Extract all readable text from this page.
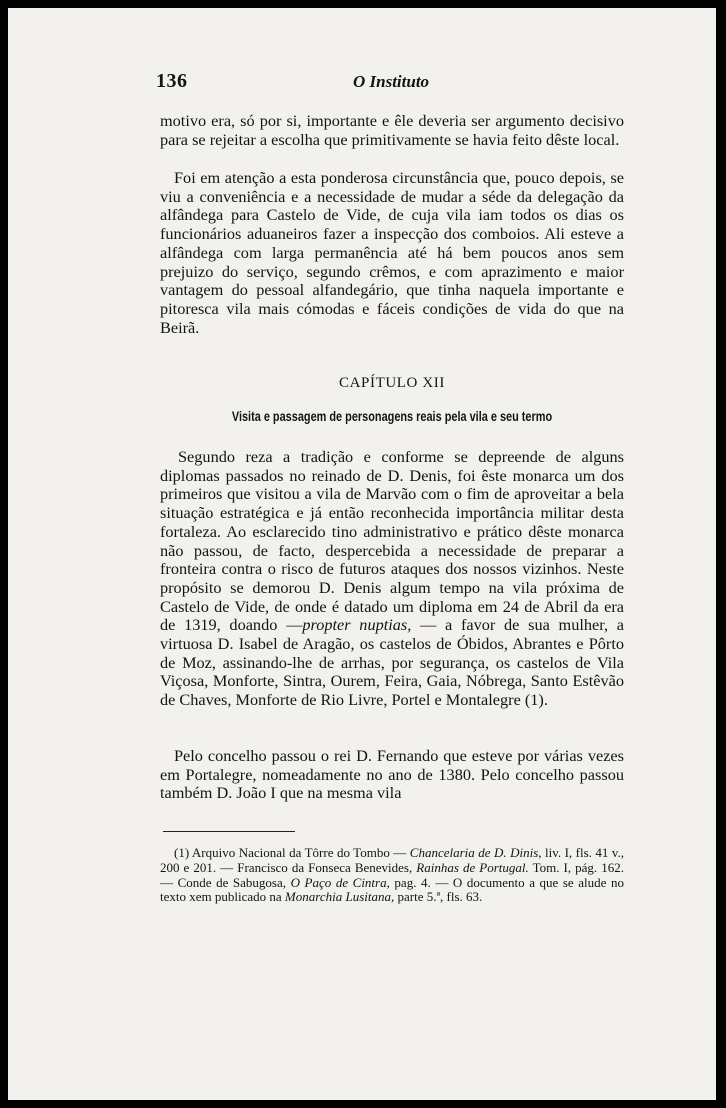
136	O Instituto

motivo era, só por si, importante e êle deveria ser argumento decisivo para se rejeitar a escolha que primitivamente se havia feito dêste local.

Foi em atenção a esta ponderosa circunstância que, pouco depois, se viu a conveniência e a necessidade de mudar a séde da delegação da alfândega para Castelo de Vide, de cuja vila iam todos os dias os funcionários aduaneiros fazer a inspecção dos comboios. Ali esteve a alfândega com larga permanência até há bem poucos anos sem prejuizo do serviço, segundo crêmos, e com aprazimento e maior vantagem do pessoal alfandegário, que tinha naquela importante e pitoresca vila mais cómodas e fáceis condições de vida do que na Beirã.

CAPÍTULO XII
Visita e passagem de personagens reais pela vila e seu termo

Segundo reza a tradição e conforme se depreende de alguns diplomas passados no reinado de D. Denis, foi êste monarca um dos primeiros que visitou a vila de Marvão com o fim de aproveitar a bela situação estratégica e já então reconhecida importância militar desta fortaleza. Ao esclarecido tino administrativo e prático dêste monarca não passou, de facto, despercebida a necessidade de preparar a fronteira contra o risco de futuros ataques dos nossos vizinhos. Neste propósito se demorou D. Denis algum tempo na vila próxima de Castelo de Vide, de onde é datado um diploma em 24 de Abril da era de 1319, doando —propter nuptias, — a favor de sua mulher, a virtuosa D. Isabel de Aragão, os castelos de Óbidos, Abrantes e Pôrto de Moz, assinando-lhe de arrhas, por segurança, os castelos de Vila Viçosa, Monforte, Sintra, Ourem, Feira, Gaia, Nóbrega, Santo Estêvão de Chaves, Monforte de Rio Livre, Portel e Montalegre (1).

Pelo concelho passou o rei D. Fernando que esteve por várias vezes em Portalegre, nomeadamente no ano de 1380. Pelo concelho passou também D. João I que na mesma vila

(1) Arquivo Nacional da Tôrre do Tombo — Chancelaria de D. Dinis, liv. I, fls. 41 v., 200 e 201. — Francisco da Fonseca Benevides, Rainhas de Portugal. Tom. I, pág. 162. — Conde de Sabugosa, O Paço de Cintra, pag. 4. — O documento a que se alude no texto xem publicado na Monarchia Lusitana, parte 5.ª, fls. 63.
